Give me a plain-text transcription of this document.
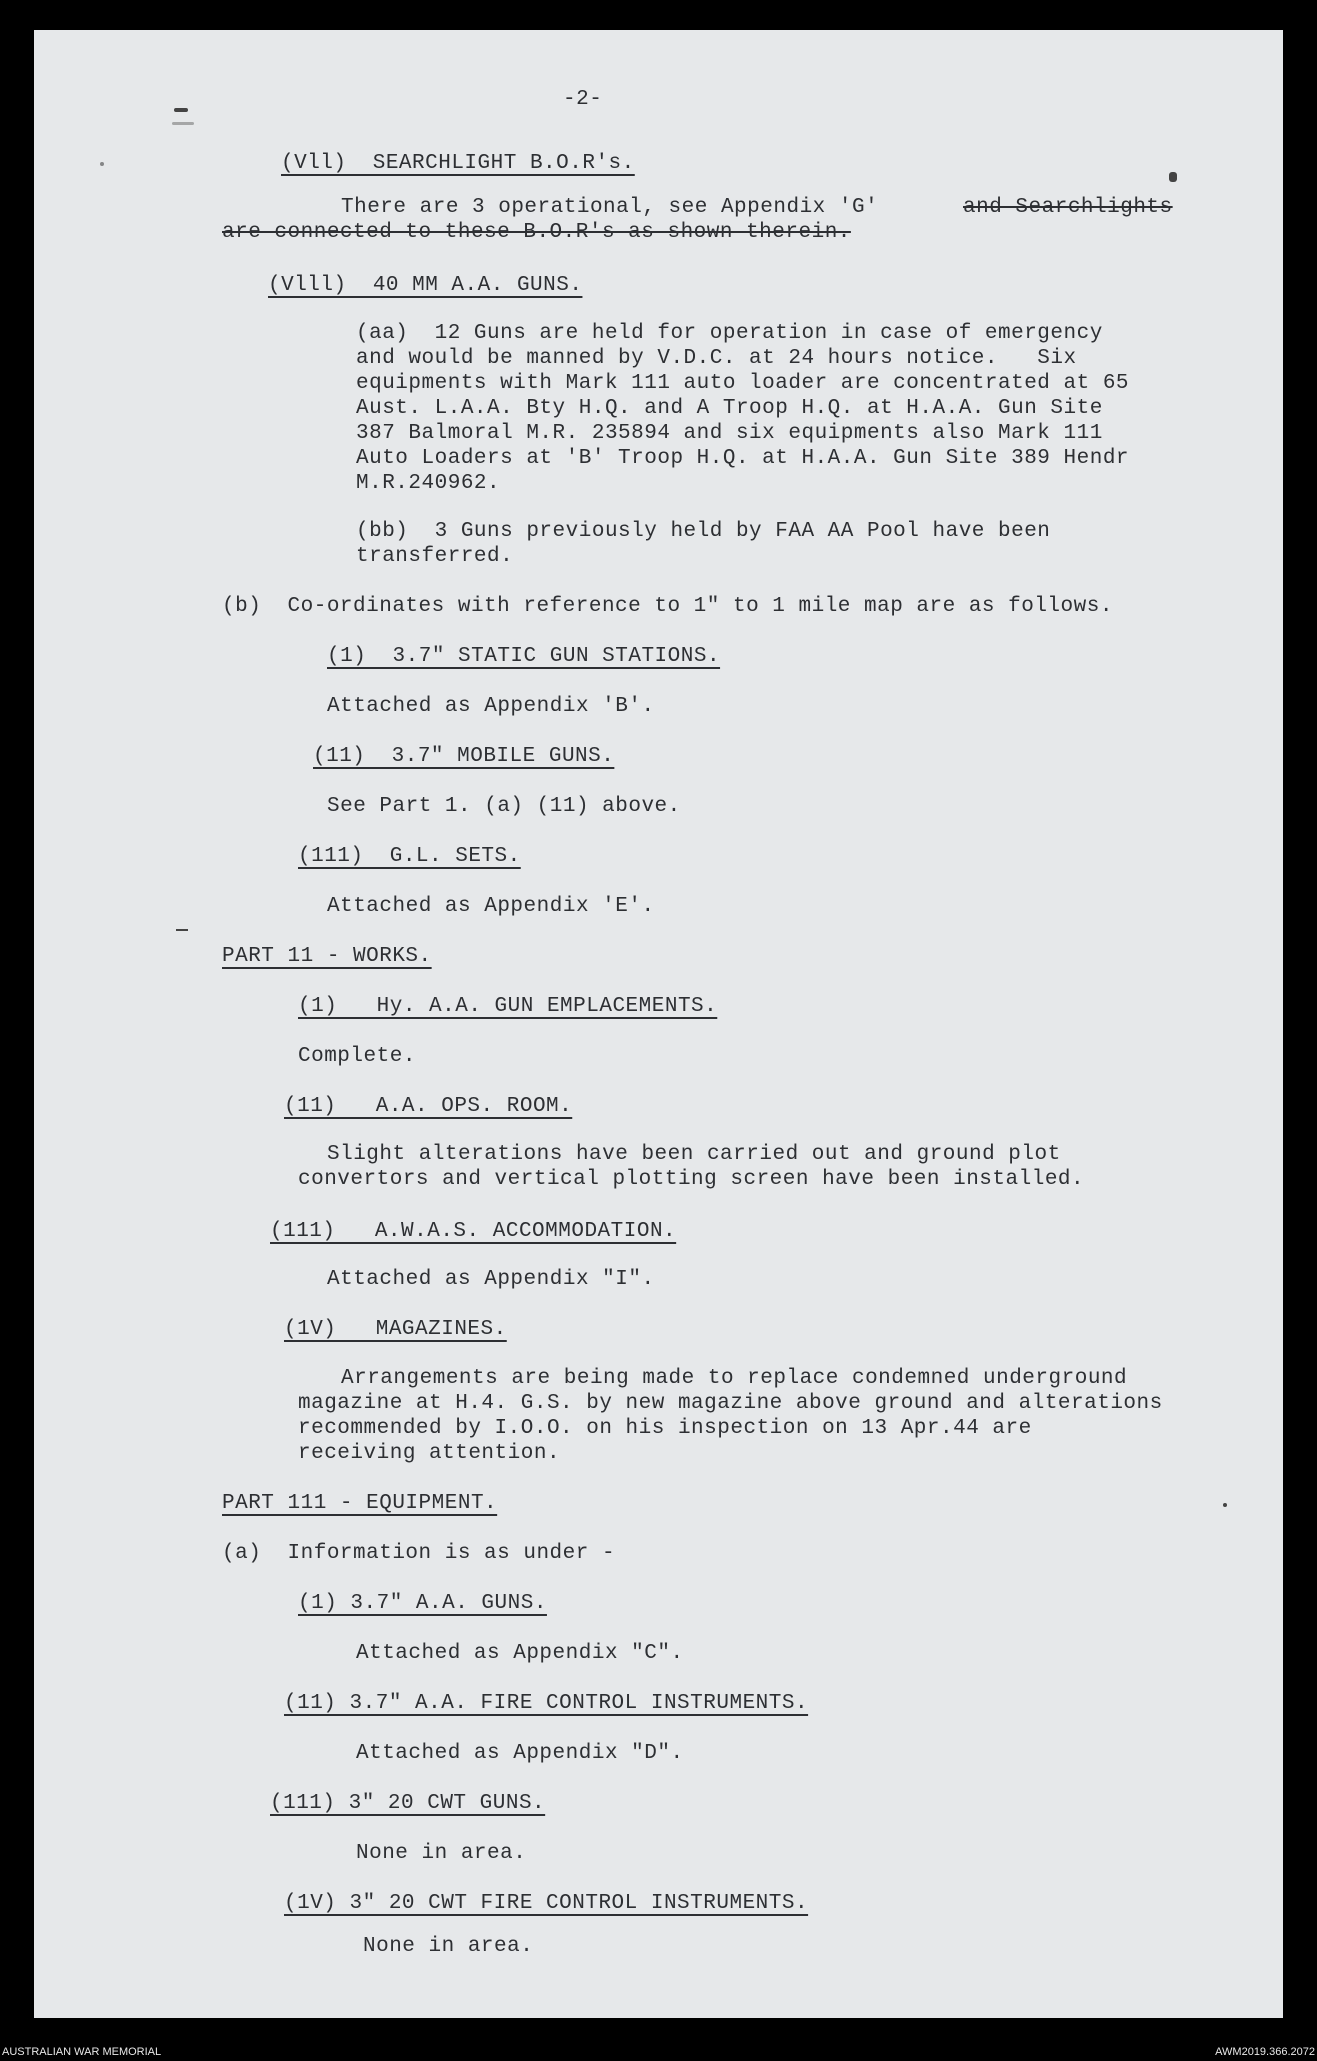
(Vll)  SEARCHLIGHT B.O.R's.
There are 3 operational, see Appendix 'G'	and Searchlights
are connected to these B.O.R's as shown therein.
(Vlll)  40 MM A.A. GUNS.
(aa)  12 Guns are held for operation in case of emergency
and would be manned by V.D.C. at 24 hours notice.   Six
equipments with Mark 111 auto loader are concentrated at 65
Aust. L.A.A. Bty H.Q. and A Troop H.Q. at H.A.A. Gun Site
387 Balmoral M.R. 235894 and six equipments also Mark 111
Auto Loaders at 'B' Troop H.Q. at H.A.A. Gun Site 389 Hendr
M.R.240962.
(bb)  3 Guns previously held by FAA AA Pool have been
transferred.
(b)  Co-ordinates with reference to 1" to 1 mile map are as follows.
(1)  3.7" STATIC GUN STATIONS.
Attached as Appendix 'B'.
(11)  3.7" MOBILE GUNS.
See Part 1. (a) (11) above.
(111)  G.L. SETS.
Attached as Appendix 'E'.
PART 11 - WORKS.
(1)   Hy. A.A. GUN EMPLACEMENTS.
Complete.
(11)   A.A. OPS. ROOM.
Slight alterations have been carried out and ground plot
convertors and vertical plotting screen have been installed.
(111)   A.W.A.S. ACCOMMODATION.
Attached as Appendix "I".
(1V)   MAGAZINES.
Arrangements are being made to replace condemned underground
magazine at H.4. G.S. by new magazine above ground and alterations
recommended by I.O.O. on his inspection on 13 Apr.44 are
receiving attention.
PART 111 - EQUIPMENT.
(a)  Information is as under -
(1) 3.7" A.A. GUNS.
Attached as Appendix "C".
(11) 3.7" A.A. FIRE CONTROL INSTRUMENTS.
Attached as Appendix "D".
(111) 3" 20 CWT GUNS.
None in area.
(1V) 3" 20 CWT FIRE CONTROL INSTRUMENTS.
None in area.
-2-
AUSTRALIAN WAR MEMORIAL	AWM2019.366.2072
